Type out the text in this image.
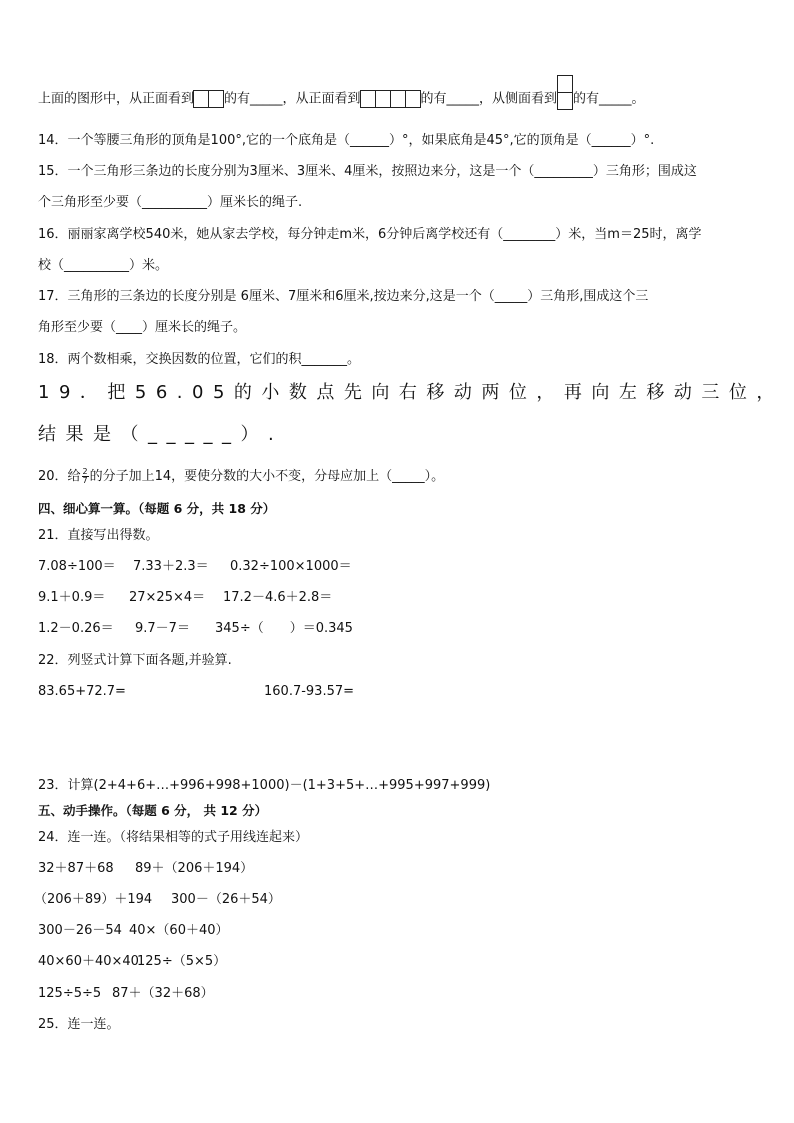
上面的图形中，从正面看到 的有_____，从正面看到	的有_____，从侧面看到 的有_____。
14．一个等腰三角形的顶角是100°,它的一个底角是（______）°，如果底角是45°,它的顶角是（______）°.
15．一个三角形三条边的长度分别为3厘米、3厘米、4厘米，按照边来分，这是一个（_________）三角形；围成这
个三角形至少要（__________）厘米长的绳子.
16．丽丽家离学校540米，她从家去学校，每分钟走m米，6分钟后离学校还有（________）米，当m＝25时，离学
校（__________）米。
17．三角形的三条边的长度分别是 6厘米、7厘米和6厘米,按边来分,这是一个（_____）三角形,围成这个三
角形至少要（____）厘米长的绳子。
18．两个数相乘，交换因数的位置，它们的积_______。
19．把56.05的小数点先向右移动两位，再向左移动三位，
结果是（_____）.
20．给 $\frac{2}{7}$ 的分子加上14，要使分数的大小不变，分母应加上（_____）。
四、细心算一算。（每题 6 分，共 18 分）
21．直接写出得数。
7.08÷100＝ 7.33＋2.3＝ 0.32÷100×1000＝
9.1＋0.9＝ 27×25×4＝ 17.2－4.6＋2.8＝
1.2－0.26＝ 9.7－7＝ 345÷（　　）＝0.345
22．列竖式计算下面各题,并验算.
83.65+72.7=	160.7-93.57=
23．计算(2+4+6+…+996+998+1000)－(1+3+5+…+995+997+999)
五、动手操作。（每题 6 分， 共 12 分）
24．连一连。（将结果相等的式子用线连起来）
32＋87＋68 89＋（206＋194）
（206＋89）＋194 300－（26＋54）
300－26－54 40×（60＋40）
40×60＋40×40
125÷（5×5）
125÷5÷5 87＋（32＋68）
25．连一连。
